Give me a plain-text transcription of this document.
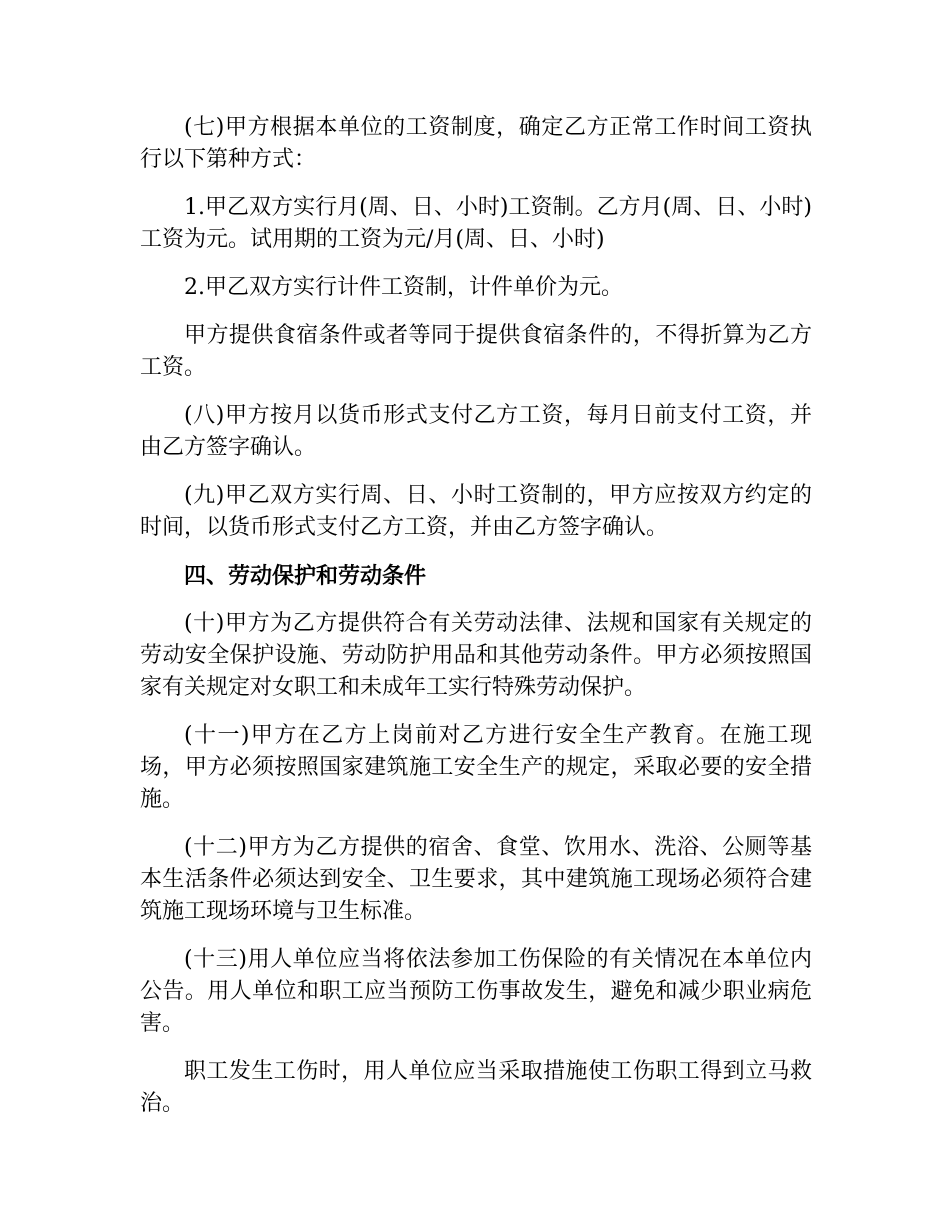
(七)甲方根据本单位的工资制度，确定乙方正常工作时间工资执行以下第种方式：

1.甲乙双方实行月(周、日、小时)工资制。乙方月(周、日、小时)工资为元。试用期的工资为元/月(周、日、小时)

2.甲乙双方实行计件工资制，计件单价为元。

甲方提供食宿条件或者等同于提供食宿条件的，不得折算为乙方工资。

(八)甲方按月以货币形式支付乙方工资，每月日前支付工资，并由乙方签字确认。

(九)甲乙双方实行周、日、小时工资制的，甲方应按双方约定的时间，以货币形式支付乙方工资，并由乙方签字确认。

四、劳动保护和劳动条件

(十)甲方为乙方提供符合有关劳动法律、法规和国家有关规定的劳动安全保护设施、劳动防护用品和其他劳动条件。甲方必须按照国家有关规定对女职工和未成年工实行特殊劳动保护。

(十一)甲方在乙方上岗前对乙方进行安全生产教育。在施工现场，甲方必须按照国家建筑施工安全生产的规定，采取必要的安全措施。

(十二)甲方为乙方提供的宿舍、食堂、饮用水、洗浴、公厕等基本生活条件必须达到安全、卫生要求，其中建筑施工现场必须符合建筑施工现场环境与卫生标准。

(十三)用人单位应当将依法参加工伤保险的有关情况在本单位内公告。用人单位和职工应当预防工伤事故发生，避免和减少职业病危害。

职工发生工伤时，用人单位应当采取措施使工伤职工得到立马救治。
